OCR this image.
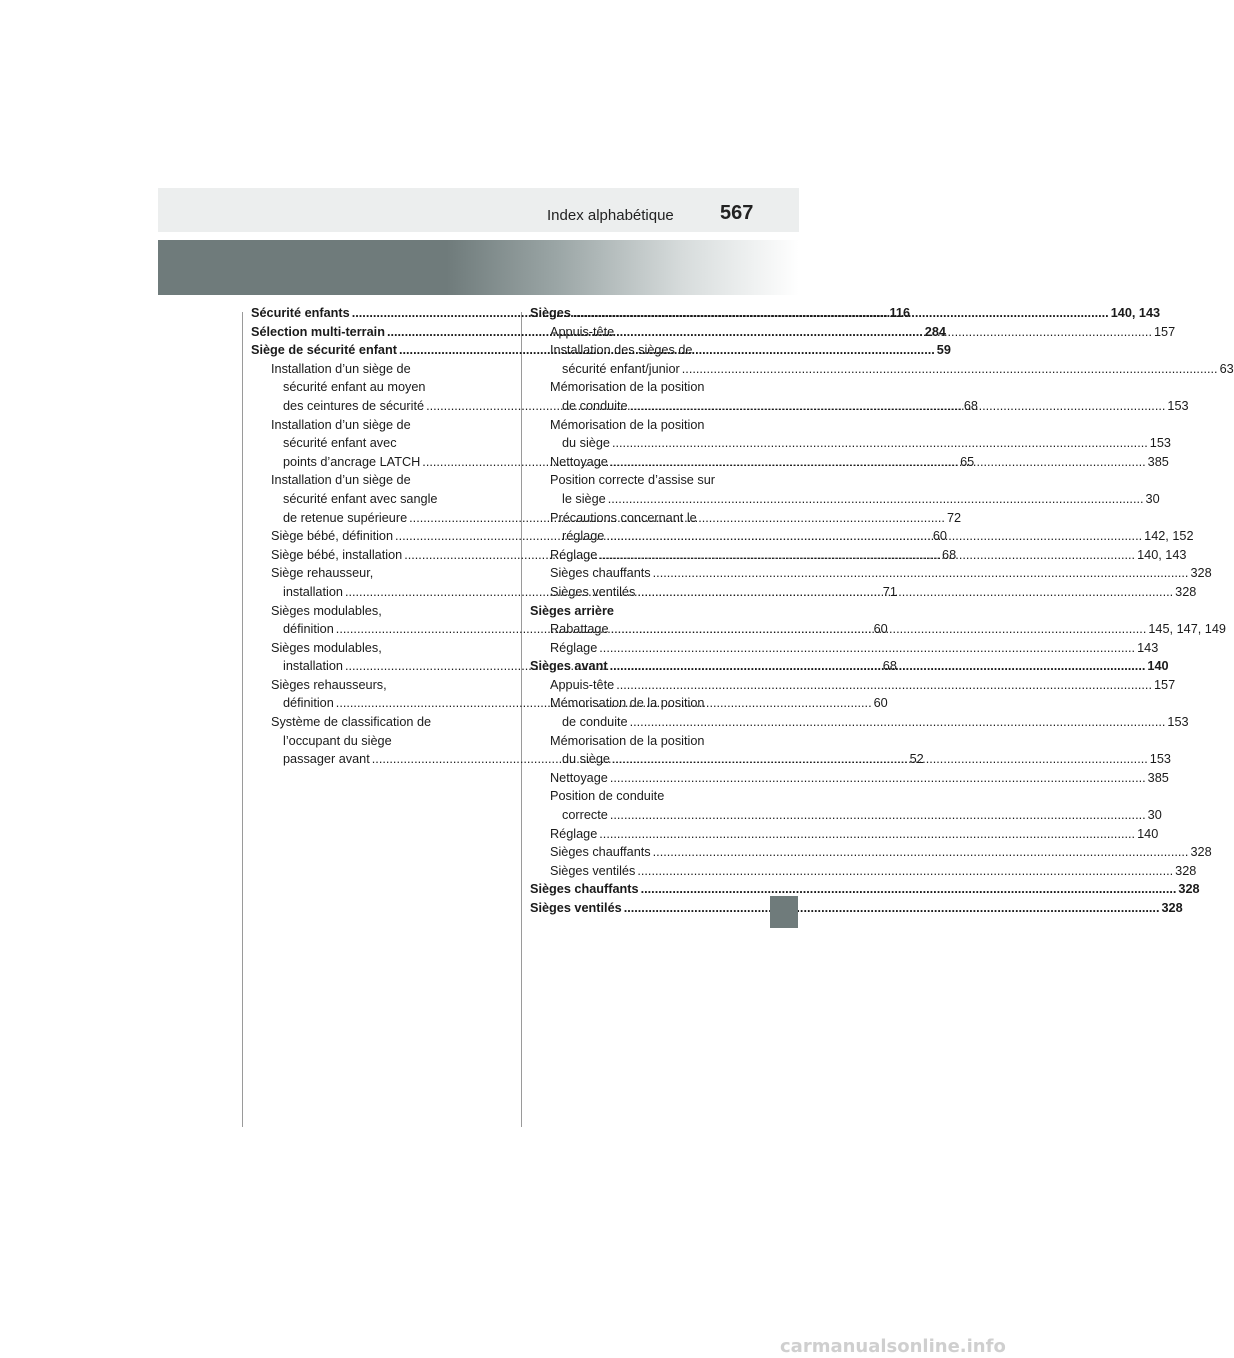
Index alphabétique 567
Sécurité enfants .....	116
Sélection multi-terrain .....	284
Siège de sécurité enfant .....	59
Installation d’un siège de
sécurité enfant au moyen
des ceintures de sécurité .....	68
Installation d’un siège de
sécurité enfant avec
points d’ancrage LATCH .....	65
Installation d’un siège de
sécurité enfant avec sangle
de retenue supérieure .....	72
Siège bébé, définition .....	60
Siège bébé, installation .....	68
Siège rehausseur,
installation .....	71
Sièges modulables,
définition .....	60
Sièges modulables,
installation .....	68
Sièges rehausseurs,
définition .....	60
Système de classification de
l’occupant du siège
passager avant .....	52
Sièges .....	140, 143
Appuis-tête .....	157
Installation des sièges de
sécurité enfant/junior .....	63
Mémorisation de la position
de conduite .....	153
Mémorisation de la position
du siège .....	153
Nettoyage .....	385
Position correcte d’assise sur
le siège .....	30
Précautions concernant le
réglage .....	142, 152
Réglage .....	140, 143
Sièges chauffants .....	328
Sièges ventilés .....	328
Sièges arrière
Rabattage .....	145, 147, 149
Réglage .....	143
Sièges avant .....	140
Appuis-tête .....	157
Mémorisation de la position
de conduite .....	153
Mémorisation de la position
du siège .....	153
Nettoyage .....	385
Position de conduite
correcte .....	30
Réglage .....	140
Sièges chauffants .....	328
Sièges ventilés .....	328
Sièges chauffants .....	328
Sièges ventilés .....	328
carmanualsonline.info
